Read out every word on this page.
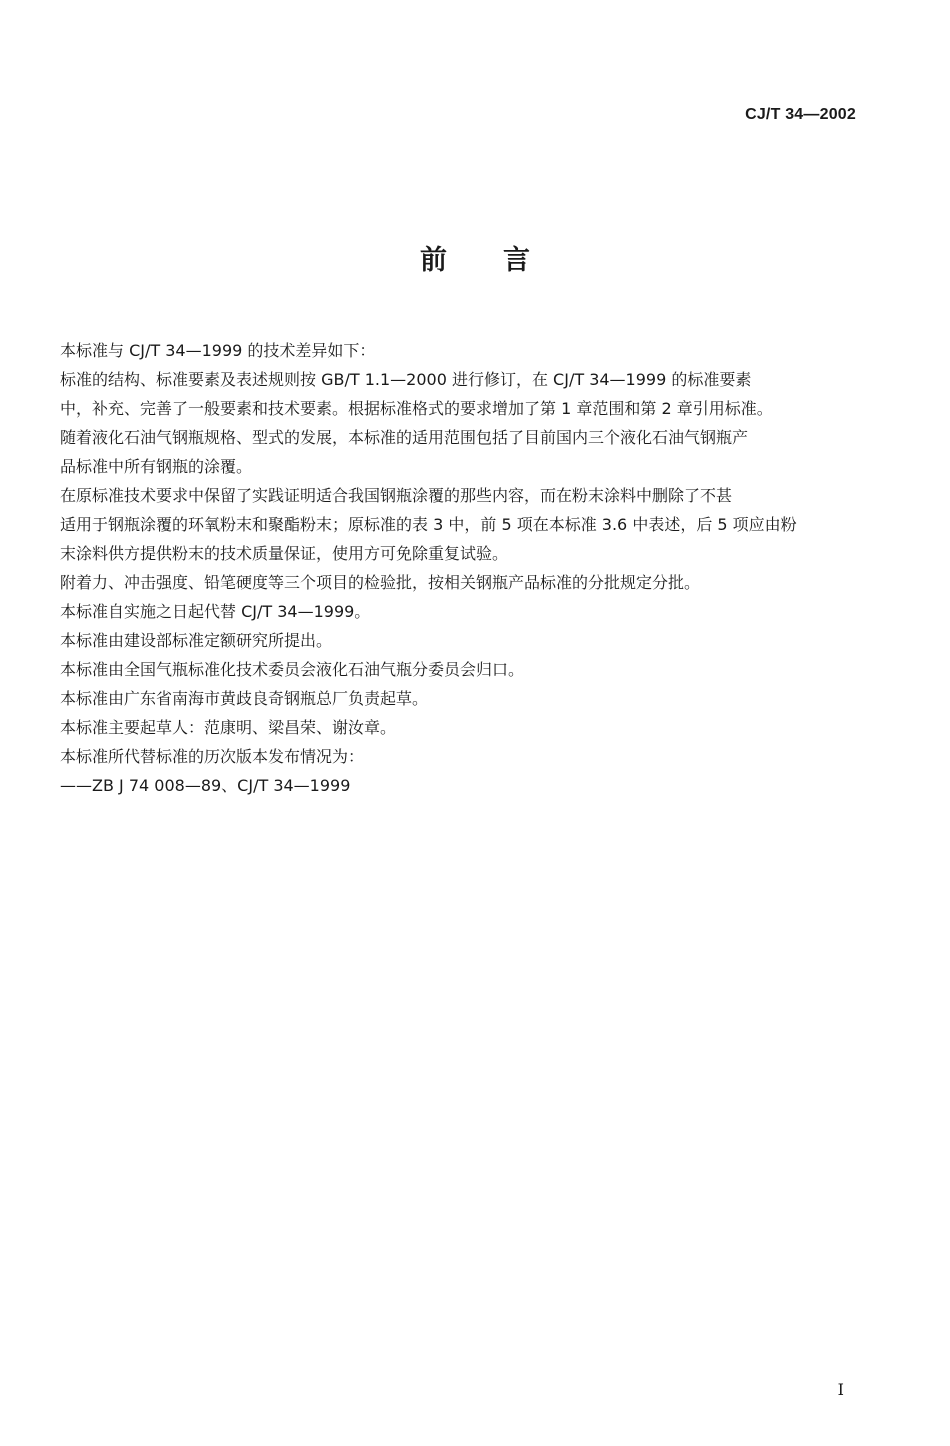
CJ/T 34—2002
前言

本标准与 CJ/T 34—1999 的技术差异如下：

标准的结构、标准要素及表述规则按 GB/T 1.1—2000 进行修订，在 CJ/T 34—1999 的标准要素
中，补充、完善了一般要素和技术要素。根据标准格式的要求增加了第 1 章范围和第 2 章引用标准。

随着液化石油气钢瓶规格、型式的发展，本标准的适用范围包括了目前国内三个液化石油气钢瓶产
品标准中所有钢瓶的涂覆。

在原标准技术要求中保留了实践证明适合我国钢瓶涂覆的那些内容，而在粉末涂料中删除了不甚
适用于钢瓶涂覆的环氧粉末和聚酯粉末；原标准的表 3 中，前 5 项在本标准 3.6 中表述，后 5 项应由粉
末涂料供方提供粉末的技术质量保证，使用方可免除重复试验。

附着力、冲击强度、铅笔硬度等三个项目的检验批，按相关钢瓶产品标准的分批规定分批。

本标准自实施之日起代替 CJ/T 34—1999。

本标准由建设部标准定额研究所提出。

本标准由全国气瓶标准化技术委员会液化石油气瓶分委员会归口。

本标准由广东省南海市黄歧良奇钢瓶总厂负责起草。

本标准主要起草人：范康明、梁昌荣、谢汝章。

本标准所代替标准的历次版本发布情况为：

——ZB J 74 008—89、CJ/T 34—1999

I
